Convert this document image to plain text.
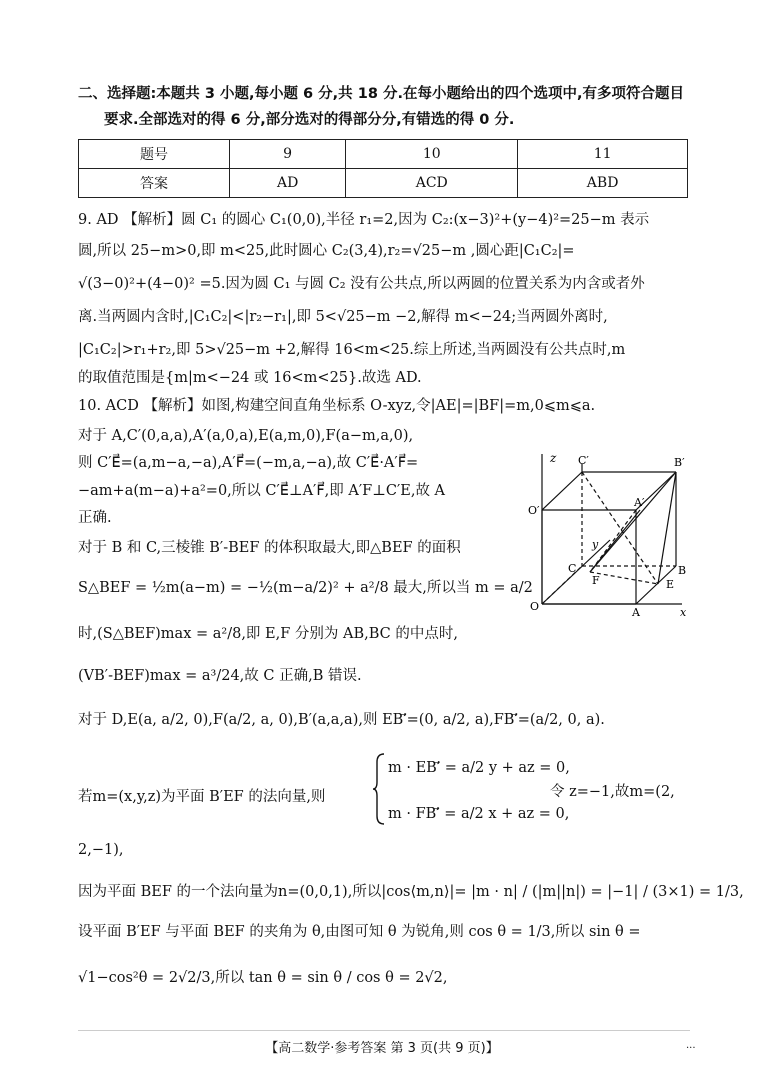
二、选择题:本题共 3 小题,每小题 6 分,共 18 分.在每小题给出的四个选项中,有多项符合题目
要求.全部选对的得 6 分,部分选对的得部分分,有错选的得 0 分.
题号	9	10	11
答案	AD	ACD	ABD
9. AD 【解析】圆 C₁ 的圆心 C₁(0,0),半径 r₁=2,因为 C₂:(x−3)²+(y−4)²=25−m 表示
圆,所以 25−m>0,即 m<25,此时圆心 C₂(3,4),r₂=√25−m ,圆心距|C₁C₂|=
√(3−0)²+(4−0)² =5.因为圆 C₁ 与圆 C₂ 没有公共点,所以两圆的位置关系为内含或者外
离.当两圆内含时,|C₁C₂|<|r₂−r₁|,即 5<√25−m −2,解得 m<−24;当两圆外离时,
|C₁C₂|>r₁+r₂,即 5>√25−m +2,解得 16<m<25.综上所述,当两圆没有公共点时,m
的取值范围是{m|m<−24 或 16<m<25}.故选 AD.
10. ACD 【解析】如图,构建空间直角坐标系 O-xyz,令|AE|=|BF|=m,0⩽m⩽a.
对于 A,C′(0,a,a),A′(a,0,a),E(a,m,0),F(a−m,a,0),
则 C′E⃗=(a,m−a,−a),A′F⃗=(−m,a,−a),故 C′E⃗·A′F⃗=
−am+a(m−a)+a²=0,所以 C′E⃗⊥A′F⃗,即 A′F⊥C′E,故 A
正确.
对于 B 和 C,三棱锥 B′-BEF 的体积取最大,即△BEF 的面积
S△BEF = ½m(a−m) = −½(m−a/2)² + a²/8 最大,所以当 m = a/2
时,(S△BEF)max = a²/8,即 E,F 分别为 AB,BC 的中点时,
(VB′-BEF)max = a³/24,故 C 正确,B 错误.
对于 D,E(a, a/2, 0),F(a/2, a, 0),B′(a,a,a),则 EB′⃗=(0, a/2, a),FB′⃗=(a/2, 0, a).
若m=(x,y,z)为平面 B′EF 的法向量,则
m · EB′⃗ = a/2 y + az = 0,
m · FB′⃗ = a/2 x + az = 0,
令 z=−1,故m=(2,
2,−1),
因为平面 BEF 的一个法向量为n=(0,0,1),所以|cos⟨m,n⟩|= |m · n| / (|m||n|) = |−1| / (3×1) = 1/3,
设平面 B′EF 与平面 BEF 的夹角为 θ,由图可知 θ 为锐角,则 cos θ = 1/3,所以 sin θ =
√1−cos²θ = 2√2/3,所以 tan θ = sin θ / cos θ = 2√2,
z C′	B′
O′
A′
y
C
F
B
E
O	A	x
【高二数学·参考答案 第 3 页(共 9 页)】	...
